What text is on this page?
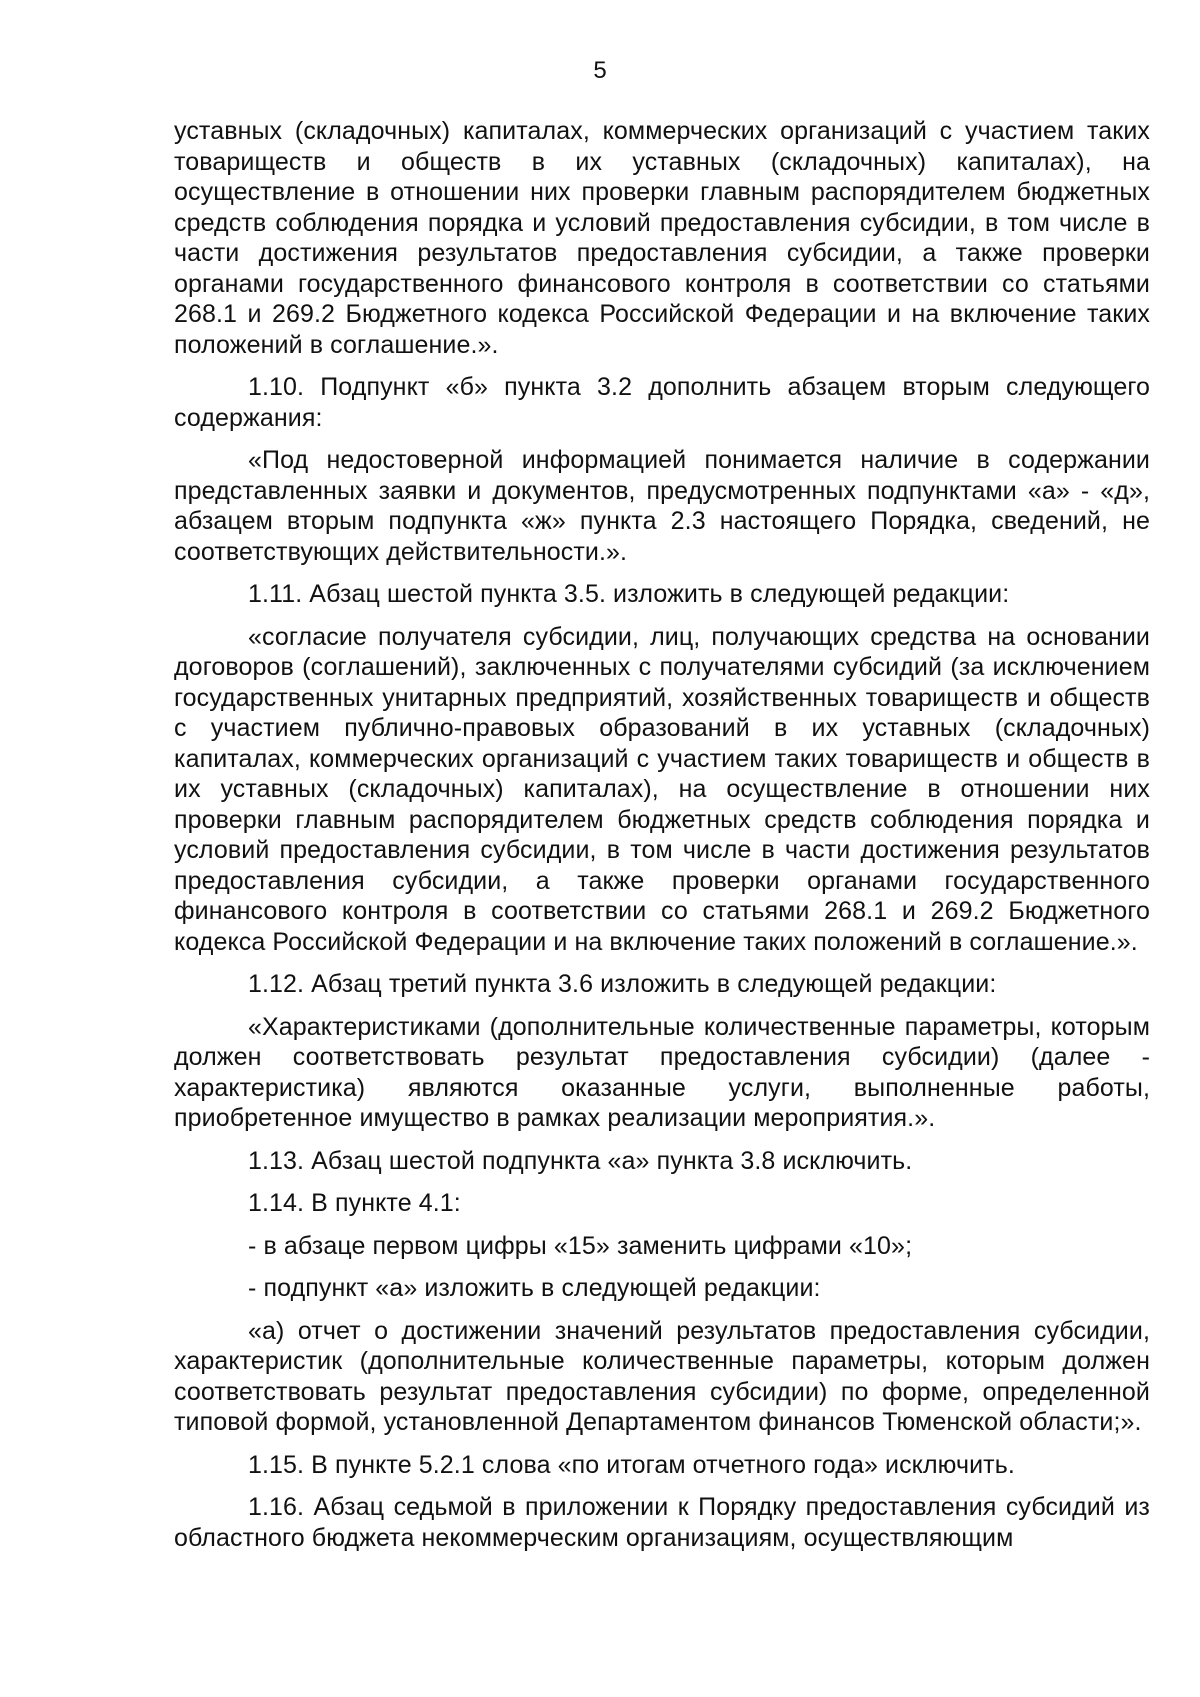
5

уставных (складочных) капиталах, коммерческих организаций с участием таких товариществ и обществ в их уставных (складочных) капиталах), на осуществление в отношении них проверки главным распорядителем бюджетных средств соблюдения порядка и условий предоставления субсидии, в том числе в части достижения результатов предоставления субсидии, а также проверки органами государственного финансового контроля в соответствии со статьями 268.1 и 269.2 Бюджетного кодекса Российской Федерации и на включение таких положений в соглашение.».

1.10. Подпункт «б» пункта 3.2 дополнить абзацем вторым следующего содержания:

«Под недостоверной информацией понимается наличие в содержании представленных заявки и документов, предусмотренных подпунктами «а» - «д», абзацем вторым подпункта «ж» пункта 2.3 настоящего Порядка, сведений, не соответствующих действительности.».

1.11. Абзац шестой пункта 3.5. изложить в следующей редакции:

«согласие получателя субсидии, лиц, получающих средства на основании договоров (соглашений), заключенных с получателями субсидий (за исключением государственных унитарных предприятий, хозяйственных товариществ и обществ с участием публично-правовых образований в их уставных (складочных) капиталах, коммерческих организаций с участием таких товариществ и обществ в их уставных (складочных) капиталах), на осуществление в отношении них проверки главным распорядителем бюджетных средств соблюдения порядка и условий предоставления субсидии, в том числе в части достижения результатов предоставления субсидии, а также проверки органами государственного финансового контроля в соответствии со статьями 268.1 и 269.2 Бюджетного кодекса Российской Федерации и на включение таких положений в соглашение.».

1.12. Абзац третий пункта 3.6 изложить в следующей редакции:

«Характеристиками (дополнительные количественные параметры, которым должен соответствовать результат предоставления субсидии) (далее - характеристика) являются оказанные услуги, выполненные работы, приобретенное имущество в рамках реализации мероприятия.».

1.13. Абзац шестой подпункта «а» пункта 3.8 исключить.

1.14. В пункте 4.1:

- в абзаце первом цифры «15» заменить цифрами «10»;

- подпункт «а» изложить в следующей редакции:

«а) отчет о достижении значений результатов предоставления субсидии, характеристик (дополнительные количественные параметры, которым должен соответствовать результат предоставления субсидии) по форме, определенной типовой формой, установленной Департаментом финансов Тюменской области;».

1.15. В пункте 5.2.1 слова «по итогам отчетного года» исключить.

1.16. Абзац седьмой в приложении к Порядку предоставления субсидий из областного бюджета некоммерческим организациям, осуществляющим
